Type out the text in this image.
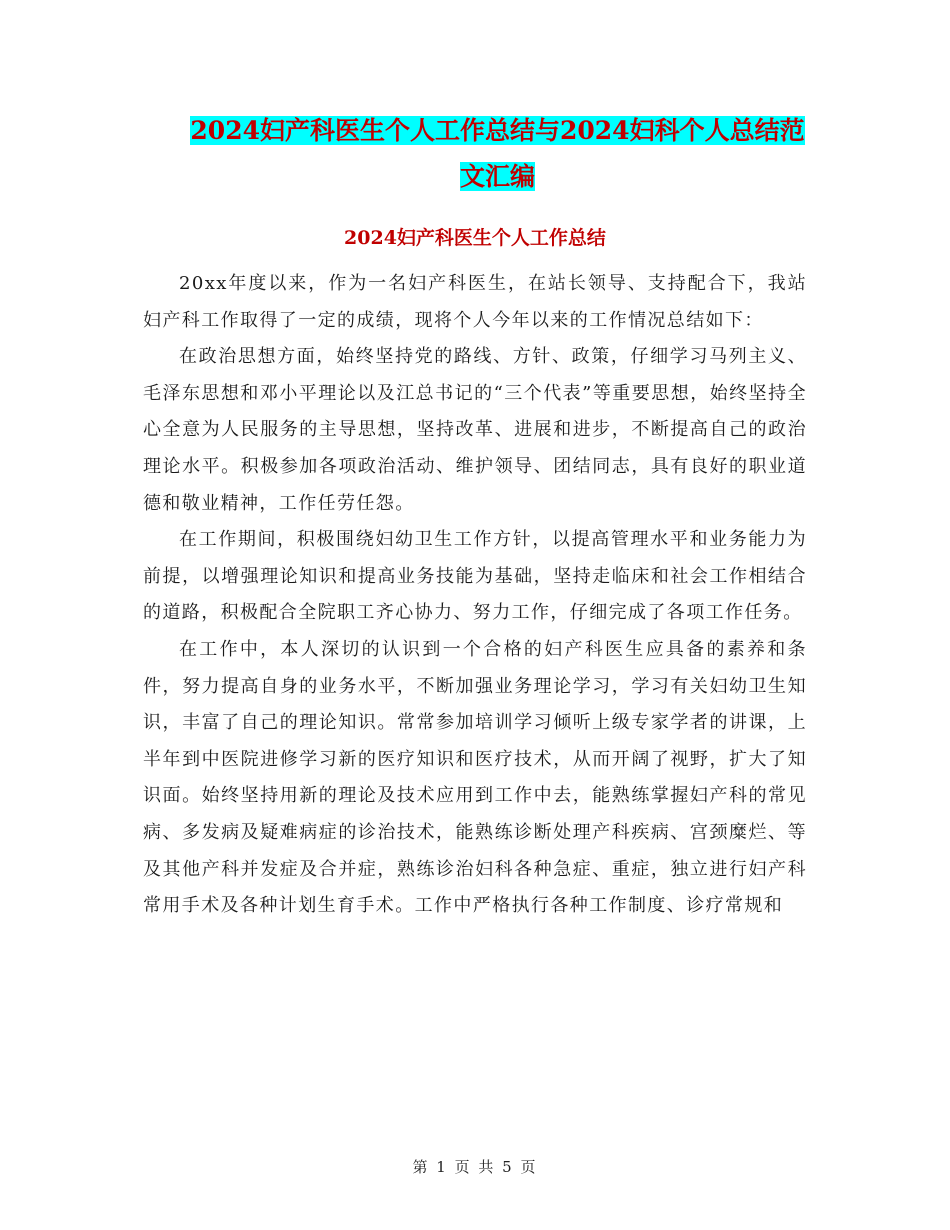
2024妇产科医生个人工作总结与2024妇科个人总结范
文汇编
2024妇产科医生个人工作总结

20xx年度以来，作为一名妇产科医生，在站长领导、支持配合下，我站妇产科工作取得了一定的成绩，现将个人今年以来的工作情况总结如下：

在政治思想方面，始终坚持党的路线、方针、政策，仔细学习马列主义、毛泽东思想和邓小平理论以及江总书记的“三个代表”等重要思想，始终坚持全心全意为人民服务的主导思想，坚持改革、进展和进步，不断提高自己的政治理论水平。积极参加各项政治活动、维护领导、团结同志，具有良好的职业道德和敬业精神，工作任劳任怨。

在工作期间，积极围绕妇幼卫生工作方针，以提高管理水平和业务能力为前提，以增强理论知识和提高业务技能为基础，坚持走临床和社会工作相结合的道路，积极配合全院职工齐心协力、努力工作，仔细完成了各项工作任务。

在工作中，本人深切的认识到一个合格的妇产科医生应具备的素养和条件，努力提高自身的业务水平，不断加强业务理论学习，学习有关妇幼卫生知识，丰富了自己的理论知识。常常参加培训学习倾听上级专家学者的讲课，上半年到中医院进修学习新的医疗知识和医疗技术，从而开阔了视野，扩大了知识面。始终坚持用新的理论及技术应用到工作中去，能熟练掌握妇产科的常见病、多发病及疑难病症的诊治技术，能熟练诊断处理产科疾病、宫颈糜烂、等及其他产科并发症及合并症，熟练诊治妇科各种急症、重症，独立进行妇产科常用手术及各种计划生育手术。工作中严格执行各种工作制度、诊疗常规和

第 1 页 共 5 页
